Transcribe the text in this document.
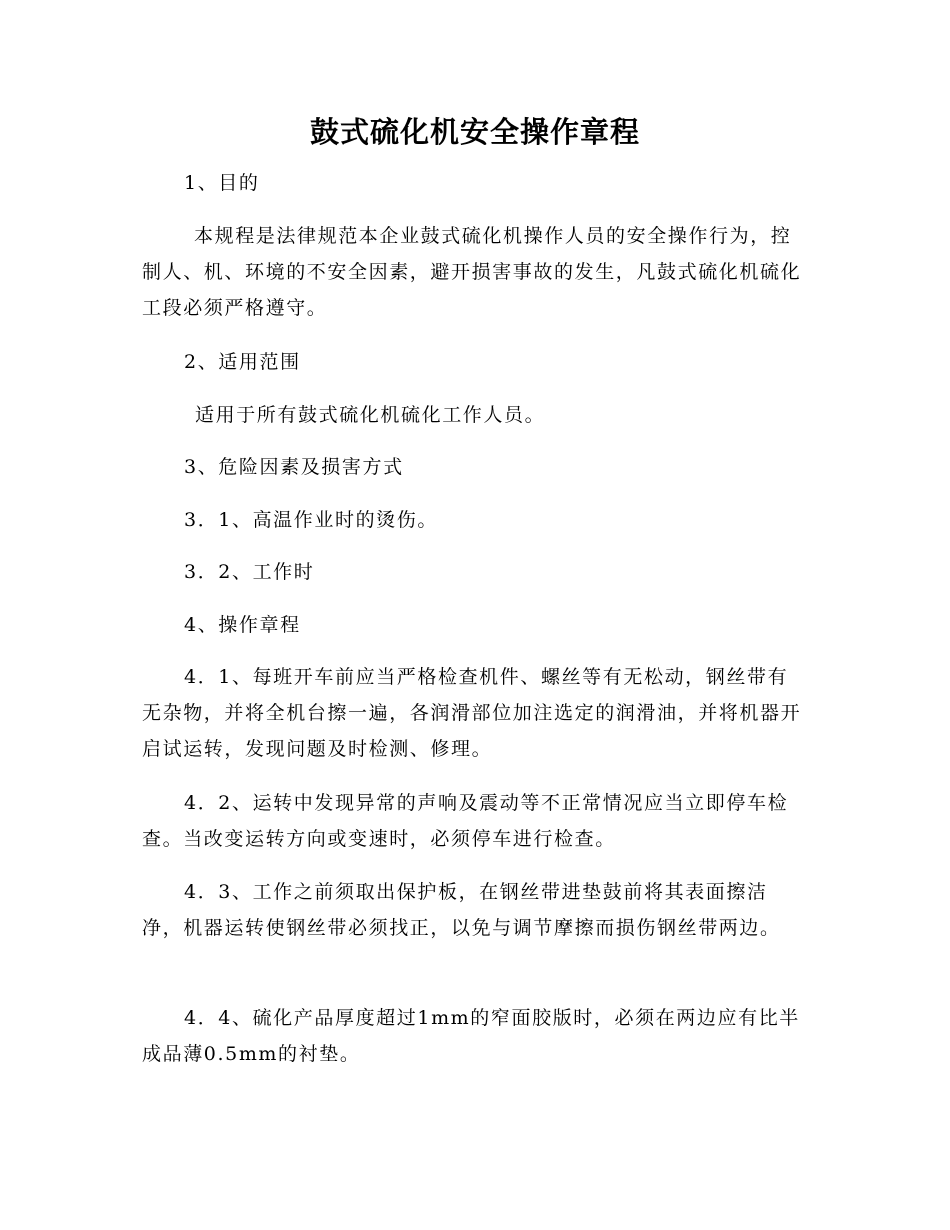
鼓式硫化机安全操作章程
1、目的
本规程是法律规范本企业鼓式硫化机操作人员的安全操作行为，控制人、机、环境的不安全因素，避开损害事故的发生，凡鼓式硫化机硫化工段必须严格遵守。
2、适用范围
适用于所有鼓式硫化机硫化工作人员。
3、危险因素及损害方式
3．1、高温作业时的烫伤。
3．2、工作时
4、操作章程
4．1、每班开车前应当严格检查机件、螺丝等有无松动，钢丝带有无杂物，并将全机台擦一遍，各润滑部位加注选定的润滑油，并将机器开启试运转，发现问题及时检测、修理。
4．2、运转中发现异常的声响及震动等不正常情况应当立即停车检查。当改变运转方向或变速时，必须停车进行检查。
4．3、工作之前须取出保护板，在钢丝带进垫鼓前将其表面擦洁净，机器运转使钢丝带必须找正，以免与调节摩擦而损伤钢丝带两边。
4．4、硫化产品厚度超过1mm的窄面胶版时，必须在两边应有比半成品薄0.5mm的衬垫。
